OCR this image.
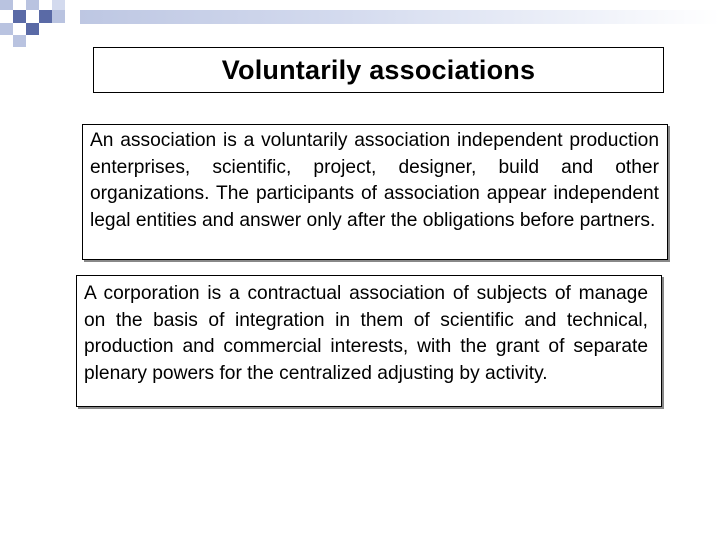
Voluntarily associations
An association is a voluntarily association independent production enterprises, scientific, project, designer, build and other organizations. The participants of association appear independent legal entities and answer only after the obligations before partners.
A corporation is a contractual association of subjects of manage on the basis of integration in them of scientific and technical, production and commercial interests, with the grant of separate plenary powers for the centralized adjusting by activity.
